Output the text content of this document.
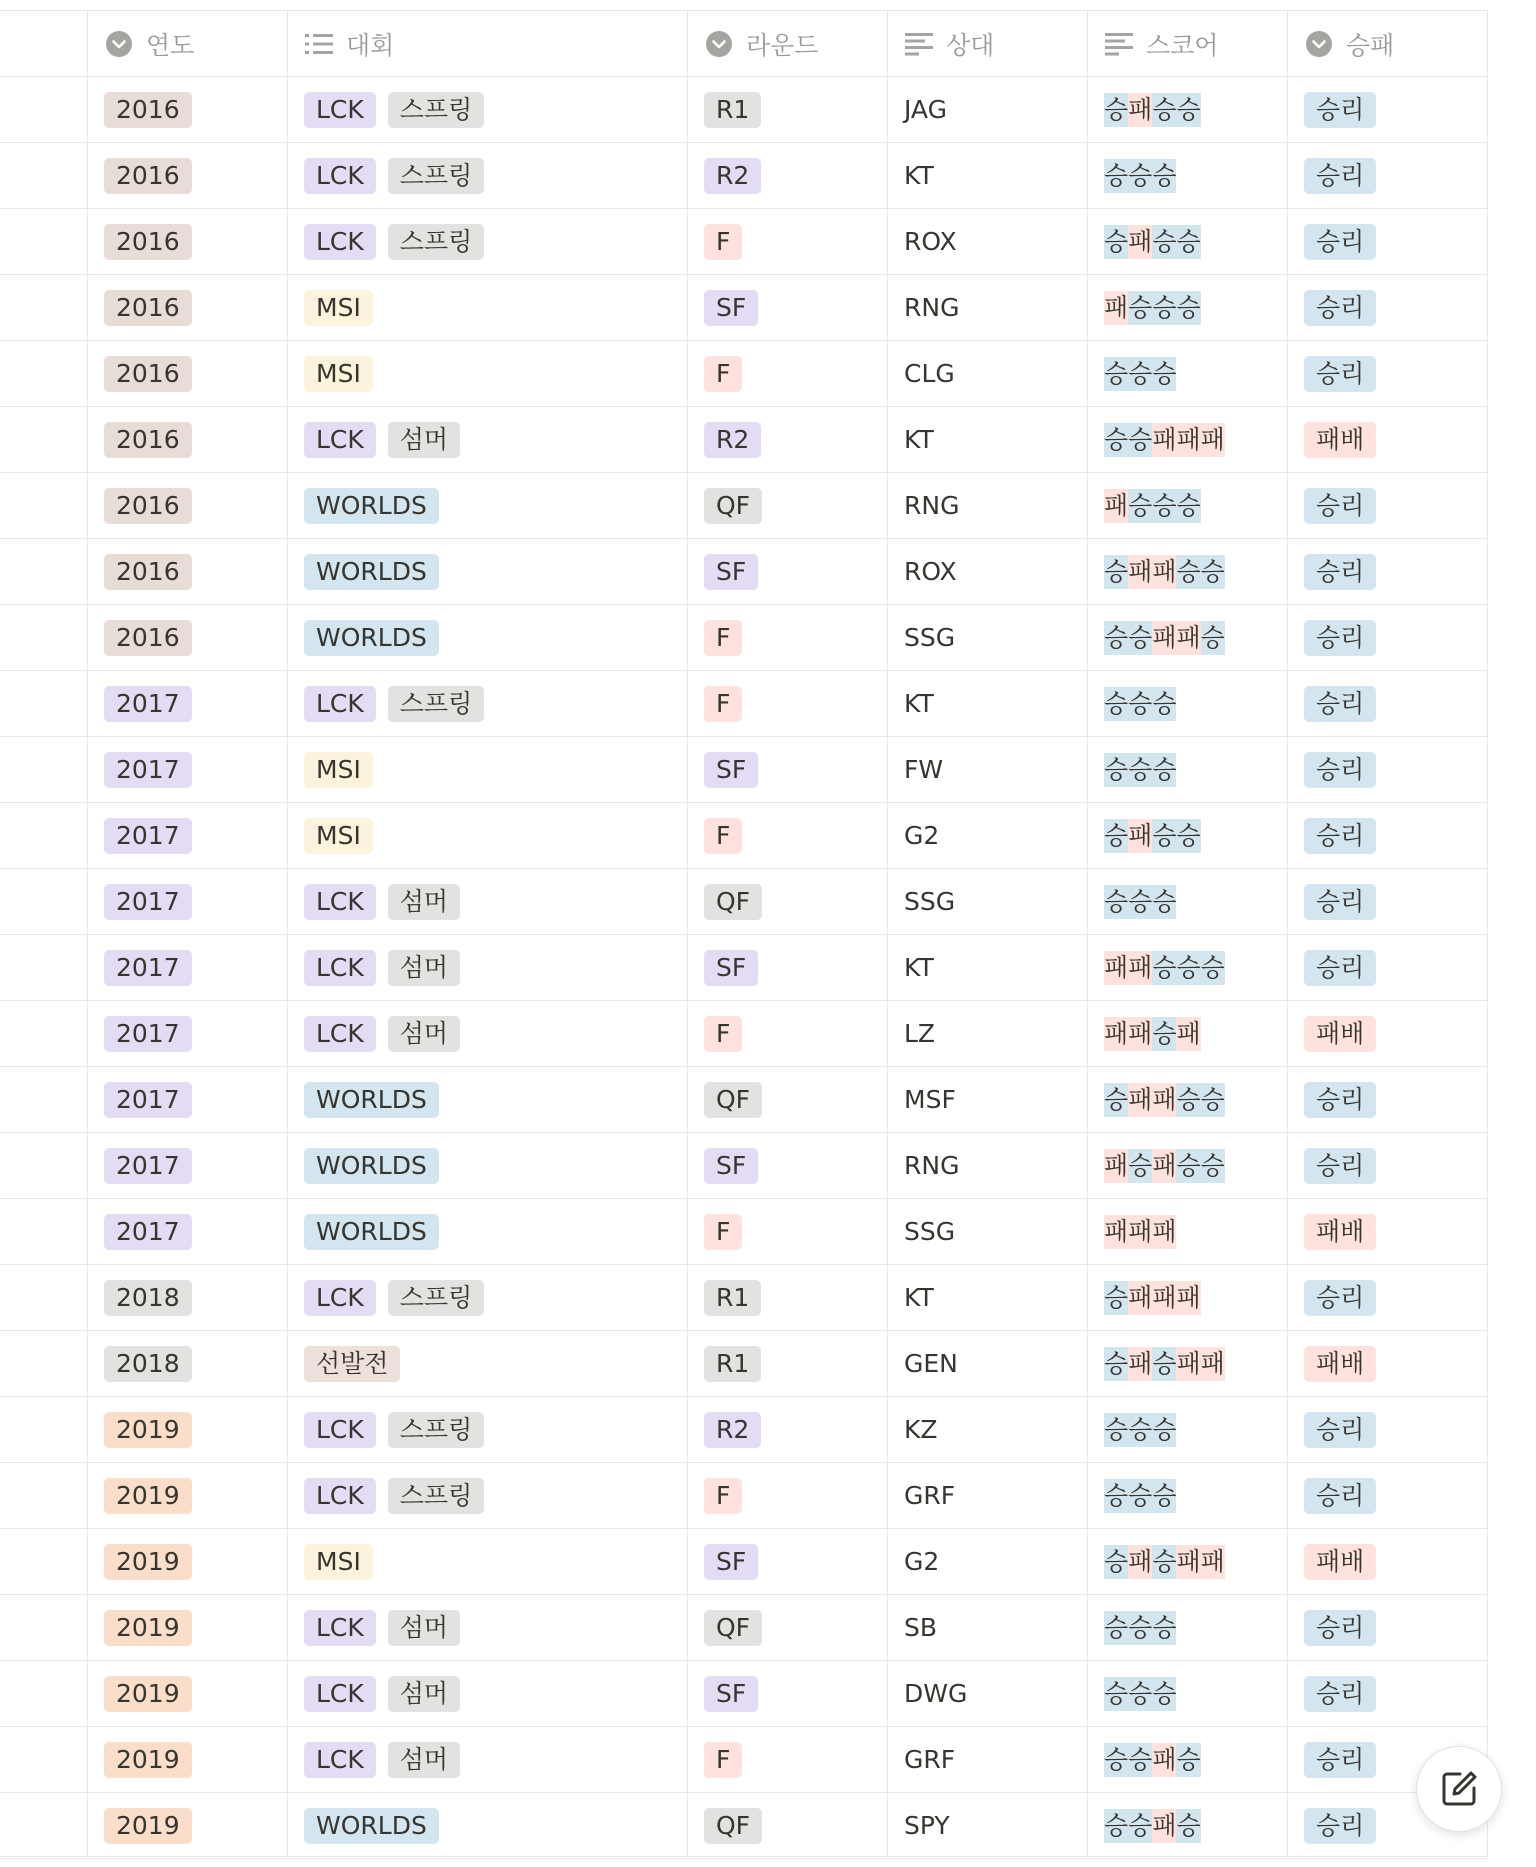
연도	대회	라운드	상대	스코어	승패
2016	LCK	스프링	R1	JAG	승 패 승 승	승리
2016	LCK	스프링	R2	KT	승 승 승	승리
2016	LCK	스프링	F	ROX	승 패 승 승	승리
2016	MSI	SF	RNG	패 승 승 승	승리
2016	MSI	F	CLG	승 승 승	승리
2016	LCK	섬머	R2	KT	승 승 패 패 패	패배
2016	WORLDS	QF	RNG	패 승 승 승	승리
2016	WORLDS	SF	ROX	승 패 패 승 승	승리
2016	WORLDS	F	SSG	승 승 패 패 승	승리
2017	LCK	스프링	F	KT	승 승 승	승리
2017	MSI	SF	FW	승 승 승	승리
2017	MSI	F	G2	승 패 승 승	승리
2017	LCK	섬머	QF	SSG	승 승 승	승리
2017	LCK	섬머	SF	KT	패 패 승 승 승	승리
2017	LCK	섬머	F	LZ	패 패 승 패	패배
2017	WORLDS	QF	MSF	승 패 패 승 승	승리
2017	WORLDS	SF	RNG	패 승 패 승 승	승리
2017	WORLDS	F	SSG	패 패 패	패배
2018	LCK	스프링	R1	KT	승 패 패 패	승리
2018	선발전	R1	GEN	승 패 승 패 패	패배
2019	LCK	스프링	R2	KZ	승 승 승	승리
2019	LCK	스프링	F	GRF	승 승 승	승리
2019	MSI	SF	G2	승 패 승 패 패	패배
2019	LCK	섬머	QF	SB	승 승 승	승리
2019	LCK	섬머	SF	DWG	승 승 승	승리
2019	LCK	섬머	F	GRF	승 승 패 승	승리
2019	WORLDS	QF	SPY	승 승 패 승	승리
